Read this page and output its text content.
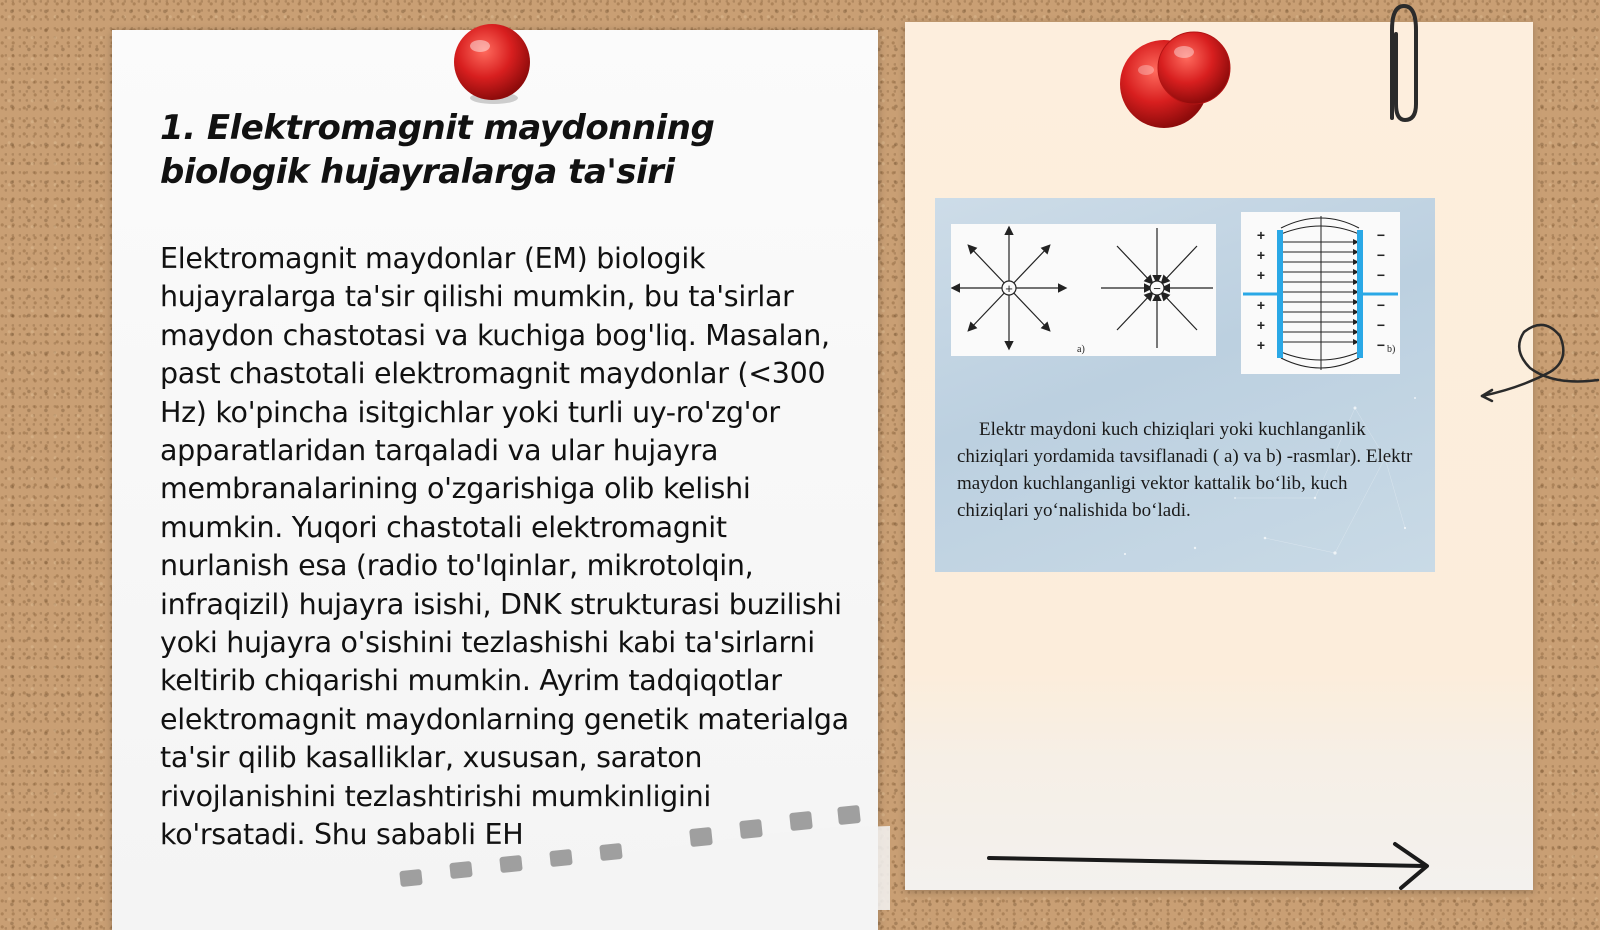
1. Elektromagnit maydonning biologik hujayralarga ta'siri

Elektromagnit maydonlar (EM) biologik hujayralarga ta'sir qilishi mumkin, bu ta'sirlar maydon chastotasi va kuchiga bog'liq. Masalan, past chastotali elektromagnit maydonlar (<300 Hz) ko'pincha isitgichlar yoki turli uy-ro'zg'or apparatlaridan tarqaladi va ular hujayra membranalarining o'zgarishiga olib kelishi mumkin. Yuqori chastotali elektromagnit nurlanish esa (radio to'lqinlar, mikrotolqin, infraqizil) hujayra isishi, DNK strukturasi buzilishi yoki hujayra o'sishini tezlashishi kabi ta'sirlarni keltirib chiqarishi mumkin. Ayrim tadqiqotlar elektromagnit maydonlarning genetik materialga ta'sir qilib kasalliklar, xususan, saraton rivojlanishini tezlashtirishi mumkinligini ko'rsatadi. Shu sababli EH

+	−
a)
+
+
+
+
+
+
−
−
−
−
−
− b)

Elektr maydoni kuch chiziqlari yoki kuchlanganlik chiziqlari yordamida tavsiflanadi ( a) va b) -rasmlar). Elektr maydon kuchlanganligi vektor kattalik bo‘lib, kuch chiziqlari yo‘nalishida bo‘ladi.
